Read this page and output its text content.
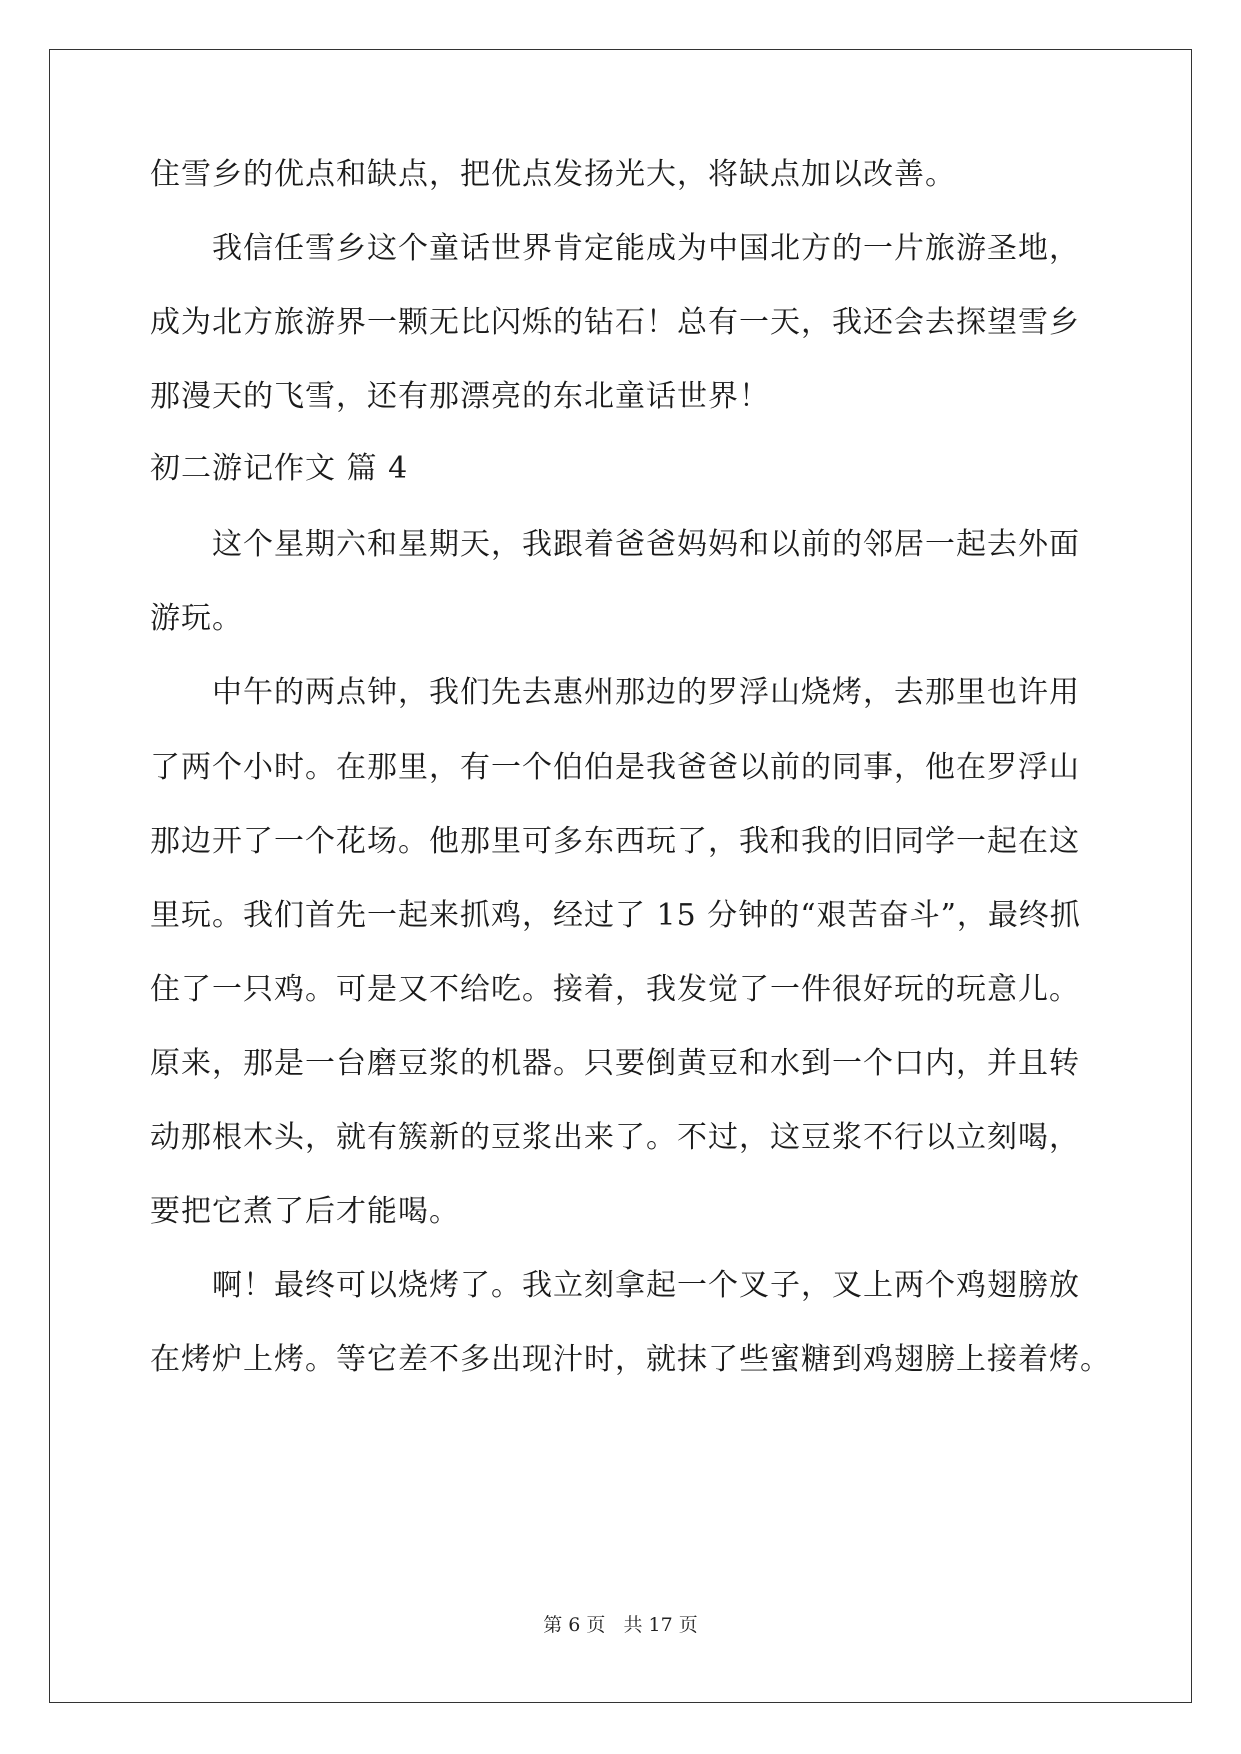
住雪乡的优点和缺点，把优点发扬光大，将缺点加以改善。
　　我信任雪乡这个童话世界肯定能成为中国北方的一片旅游圣地，
成为北方旅游界一颗无比闪烁的钻石！总有一天，我还会去探望雪乡
那漫天的飞雪，还有那漂亮的东北童话世界！
初二游记作文 篇 4
　　这个星期六和星期天，我跟着爸爸妈妈和以前的邻居一起去外面
游玩。
　　中午的两点钟，我们先去惠州那边的罗浮山烧烤，去那里也许用
了两个小时。在那里，有一个伯伯是我爸爸以前的同事，他在罗浮山
那边开了一个花场。他那里可多东西玩了，我和我的旧同学一起在这
里玩。我们首先一起来抓鸡，经过了 15 分钟的“艰苦奋斗”，最终抓
住了一只鸡。可是又不给吃。接着，我发觉了一件很好玩的玩意儿。
原来，那是一台磨豆浆的机器。只要倒黄豆和水到一个口内，并且转
动那根木头，就有簇新的豆浆出来了。不过，这豆浆不行以立刻喝，
要把它煮了后才能喝。
　　啊！最终可以烧烤了。我立刻拿起一个叉子，叉上两个鸡翅膀放
在烤炉上烤。等它差不多出现汁时，就抹了些蜜糖到鸡翅膀上接着烤。
第 6 页 共 17 页
